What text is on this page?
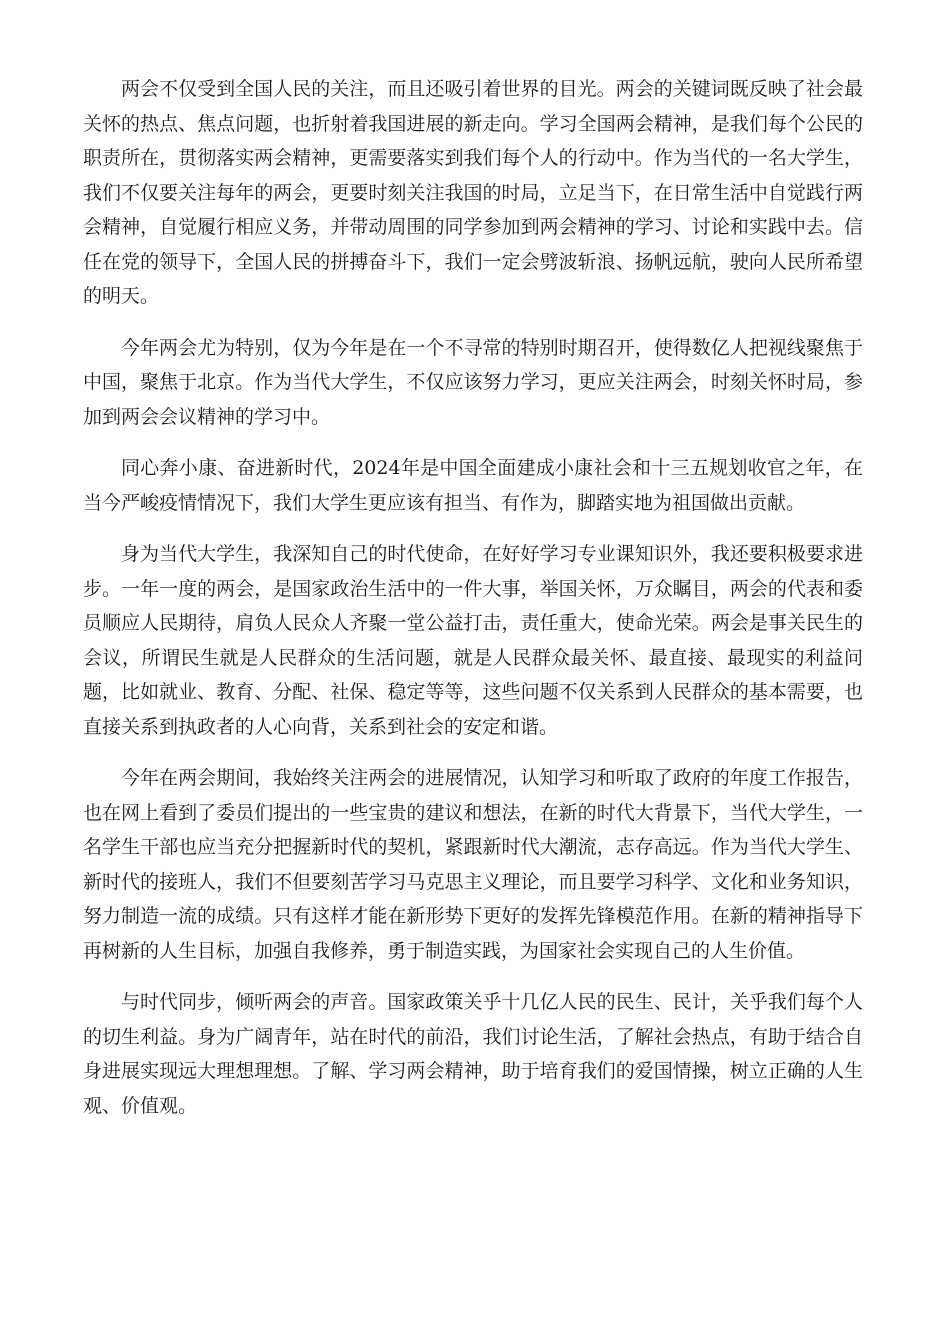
两会不仅受到全国人民的关注，而且还吸引着世界的目光。两会的关键词既反映了社会最关怀的热点、焦点问题，也折射着我国进展的新走向。学习全国两会精神，是我们每个公民的职责所在，贯彻落实两会精神，更需要落实到我们每个人的行动中。作为当代的一名大学生，我们不仅要关注每年的两会，更要时刻关注我国的时局，立足当下，在日常生活中自觉践行两会精神，自觉履行相应义务，并带动周围的同学参加到两会精神的学习、讨论和实践中去。信任在党的领导下，全国人民的拼搏奋斗下，我们一定会劈波斩浪、扬帆远航，驶向人民所希望的明天。

今年两会尤为特别，仅为今年是在一个不寻常的特别时期召开，使得数亿人把视线聚焦于中国，聚焦于北京。作为当代大学生，不仅应该努力学习，更应关注两会，时刻关怀时局，参加到两会会议精神的学习中。

同心奔小康、奋进新时代，2024年是中国全面建成小康社会和十三五规划收官之年，在当今严峻疫情情况下，我们大学生更应该有担当、有作为，脚踏实地为祖国做出贡献。

身为当代大学生，我深知自己的时代使命，在好好学习专业课知识外，我还要积极要求进步。一年一度的两会，是国家政治生活中的一件大事，举国关怀，万众瞩目，两会的代表和委员顺应人民期待，肩负人民众人齐聚一堂公益打击，责任重大，使命光荣。两会是事关民生的会议，所谓民生就是人民群众的生活问题，就是人民群众最关怀、最直接、最现实的利益问题，比如就业、教育、分配、社保、稳定等等，这些问题不仅关系到人民群众的基本需要，也直接关系到执政者的人心向背，关系到社会的安定和谐。

今年在两会期间，我始终关注两会的进展情况，认知学习和听取了政府的年度工作报告，也在网上看到了委员们提出的一些宝贵的建议和想法，在新的时代大背景下，当代大学生，一名学生干部也应当充分把握新时代的契机，紧跟新时代大潮流，志存高远。作为当代大学生、新时代的接班人，我们不但要刻苦学习马克思主义理论，而且要学习科学、文化和业务知识，努力制造一流的成绩。只有这样才能在新形势下更好的发挥先锋模范作用。在新的精神指导下再树新的人生目标，加强自我修养，勇于制造实践，为国家社会实现自己的人生价值。

与时代同步，倾听两会的声音。国家政策关乎十几亿人民的民生、民计，关乎我们每个人的切生利益。身为广阔青年，站在时代的前沿，我们讨论生活，了解社会热点，有助于结合自身进展实现远大理想理想。了解、学习两会精神，助于培育我们的爱国情操，树立正确的人生观、价值观。
